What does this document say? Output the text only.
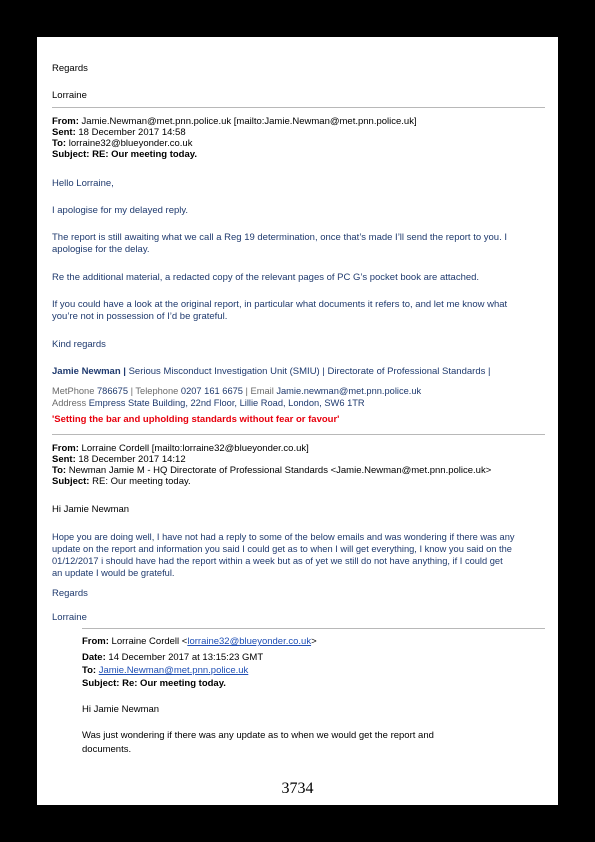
Regards
Lorraine
From: Jamie.Newman@met.pnn.police.uk [mailto:Jamie.Newman@met.pnn.police.uk]
Sent: 18 December 2017 14:58
To: lorraine32@blueyonder.co.uk
Subject: RE: Our meeting today.
Hello Lorraine,
I apologise for my delayed reply.
The report is still awaiting what we call a Reg 19 determination, once that’s made I’ll send the report to you. I
apologise for the delay.
Re the additional material, a redacted copy of the relevant pages of PC G’s pocket book are attached.
If you could have a look at the original report, in particular what documents it refers to, and let me know what
you’re not in possession of I’d be grateful.
Kind regards
Jamie Newman | Serious Misconduct Investigation Unit (SMIU) | Directorate of Professional Standards |
MetPhone 786675 | Telephone 0207 161 6675 | Email Jamie.newman@met.pnn.police.uk
Address Empress State Building, 22nd Floor, Lillie Road, London, SW6 1TR
'Setting the bar and upholding standards without fear or favour'
From: Lorraine Cordell [mailto:lorraine32@blueyonder.co.uk]
Sent: 18 December 2017 14:12
To: Newman Jamie M - HQ Directorate of Professional Standards <Jamie.Newman@met.pnn.police.uk>
Subject: RE: Our meeting today.
Hi Jamie Newman
Hope you are doing well, I have not had a reply to some of the below emails and was wondering if there was any
update on the report and information you said I could get as to when I will get everything, I know you said on the
01/12/2017 i should have had the report within a week but as of yet we still do not have anything, if I could get
an update I would be grateful.
Regards
Lorraine
From: Lorraine Cordell <lorraine32@blueyonder.co.uk>
Date: 14 December 2017 at 13:15:23 GMT
To: Jamie.Newman@met.pnn.police.uk
Subject: Re: Our meeting today.
Hi Jamie Newman
Was just wondering if there was any update as to when we would get the report and
documents.
3734
